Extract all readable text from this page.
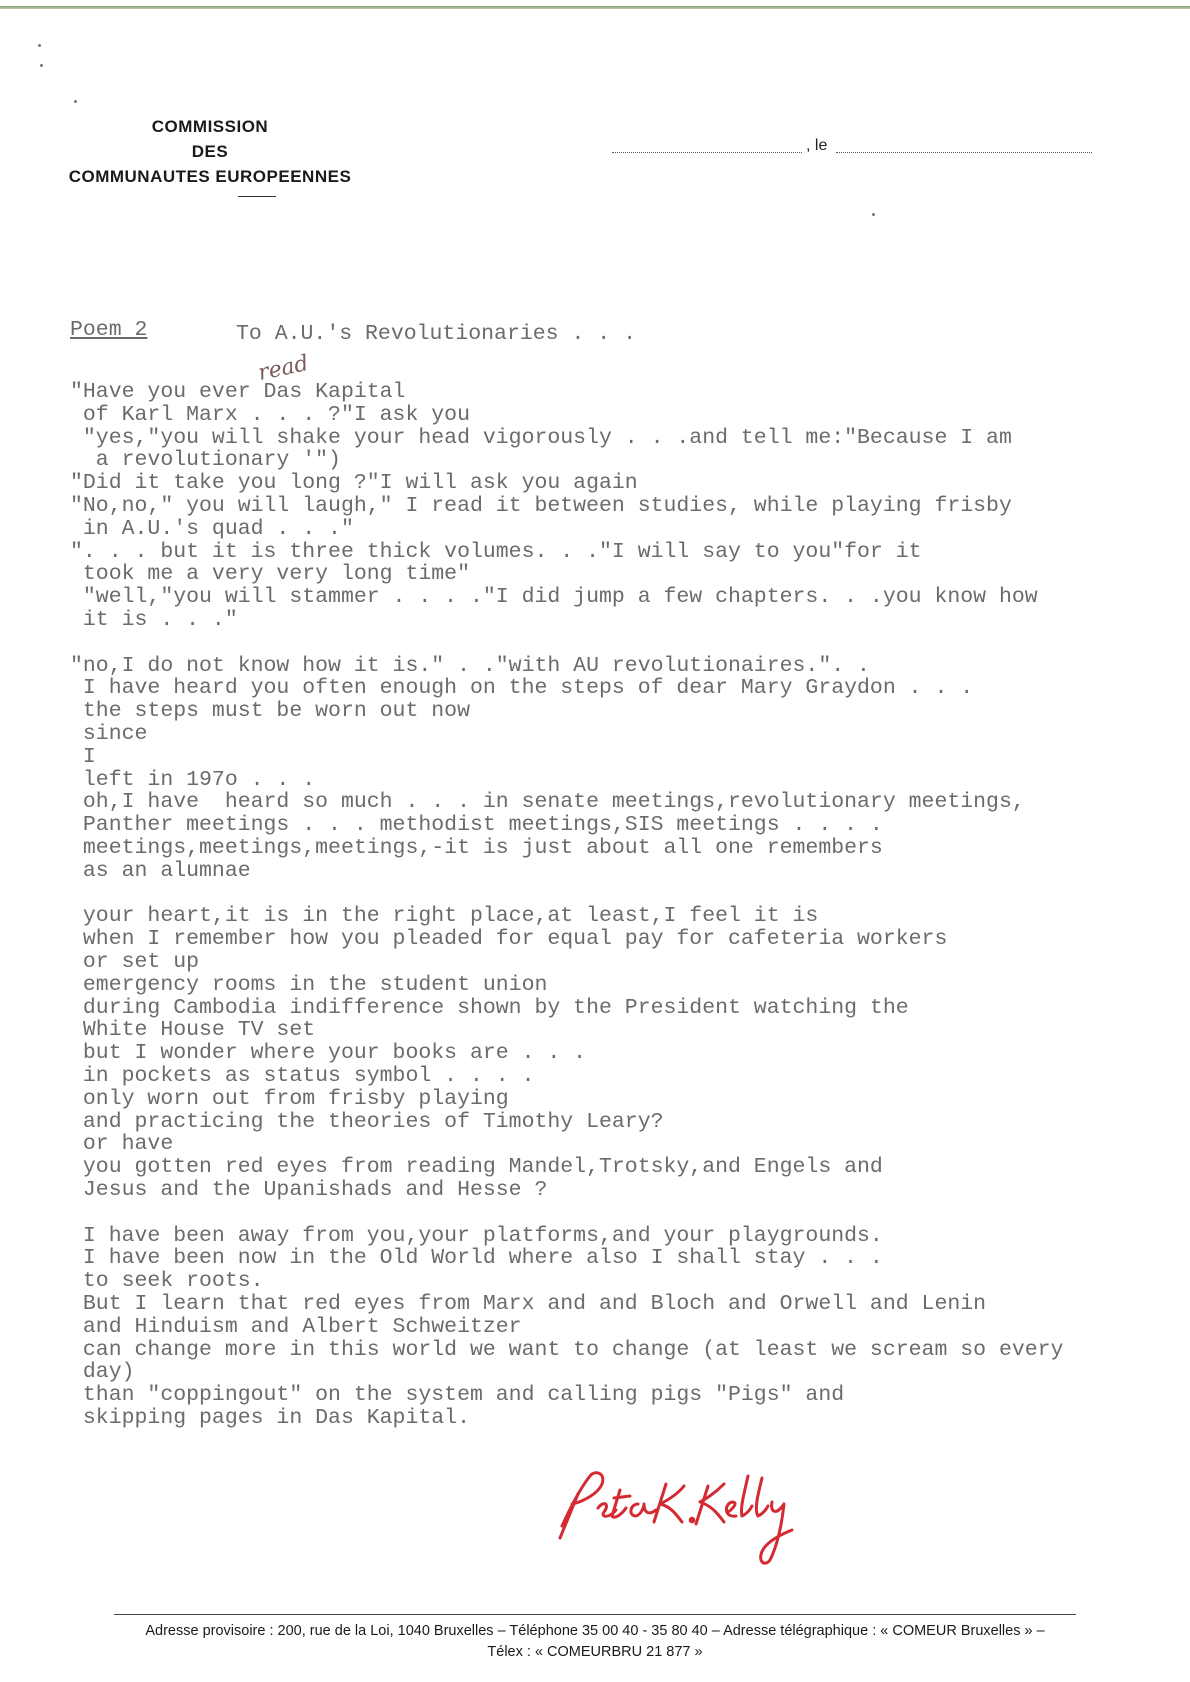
COMMISSION
DES
COMMUNAUTES EUROPEENNES
, le

Poem 2

	To A.U.'s Revolutionaries . . .

read

"Have you ever Das Kapital
of Karl Marx . . . ?"I ask you
"yes,"you will shake your head vigorously . . .and tell me:"Because I am
a revolutionary '")
"Did it take you long ?"I will ask you again
"No,no," you will laugh," I read it between studies, while playing frisby
in A.U.'s quad . . ."
". . . but it is three thick volumes. . ."I will say to you"for it
took me a very very long time"
"well,"you will stammer . . . ."I did jump a few chapters. . .you know how
it is . . ."
"no,I do not know how it is." . ."with AU revolutionaires.". .
I have heard you often enough on the steps of dear Mary Graydon . . .
the steps must be worn out now
since
I
left in 197o . . .
oh,I have  heard so much . . . in senate meetings,revolutionary meetings,
Panther meetings . . . methodist meetings,SIS meetings . . . .
meetings,meetings,meetings,-it is just about all one remembers
as an alumnae
your heart,it is in the right place,at least,I feel it is
when I remember how you pleaded for equal pay for cafeteria workers
or set up
emergency rooms in the student union
during Cambodia indifference shown by the President watching the
White House TV set
but I wonder where your books are . . .
in pockets as status symbol . . . .
only worn out from frisby playing
and practicing the theories of Timothy Leary?
or have
you gotten red eyes from reading Mandel,Trotsky,and Engels and
Jesus and the Upanishads and Hesse ?
I have been away from you,your platforms,and your playgrounds.
I have been now in the Old World where also I shall stay . . .
to seek roots.
But I learn that red eyes from Marx and and Bloch and Orwell and Lenin
and Hinduism and Albert Schweitzer
can change more in this world we want to change (at least we scream so every
day)
than "coppingout" on the system and calling pigs "Pigs" and
skipping pages in Das Kapital.

Adresse provisoire : 200, rue de la Loi, 1040 Bruxelles – Téléphone 35 00 40 - 35 80 40 – Adresse télégraphique : « COMEUR Bruxelles » –
Télex : « COMEURBRU 21 877 »
